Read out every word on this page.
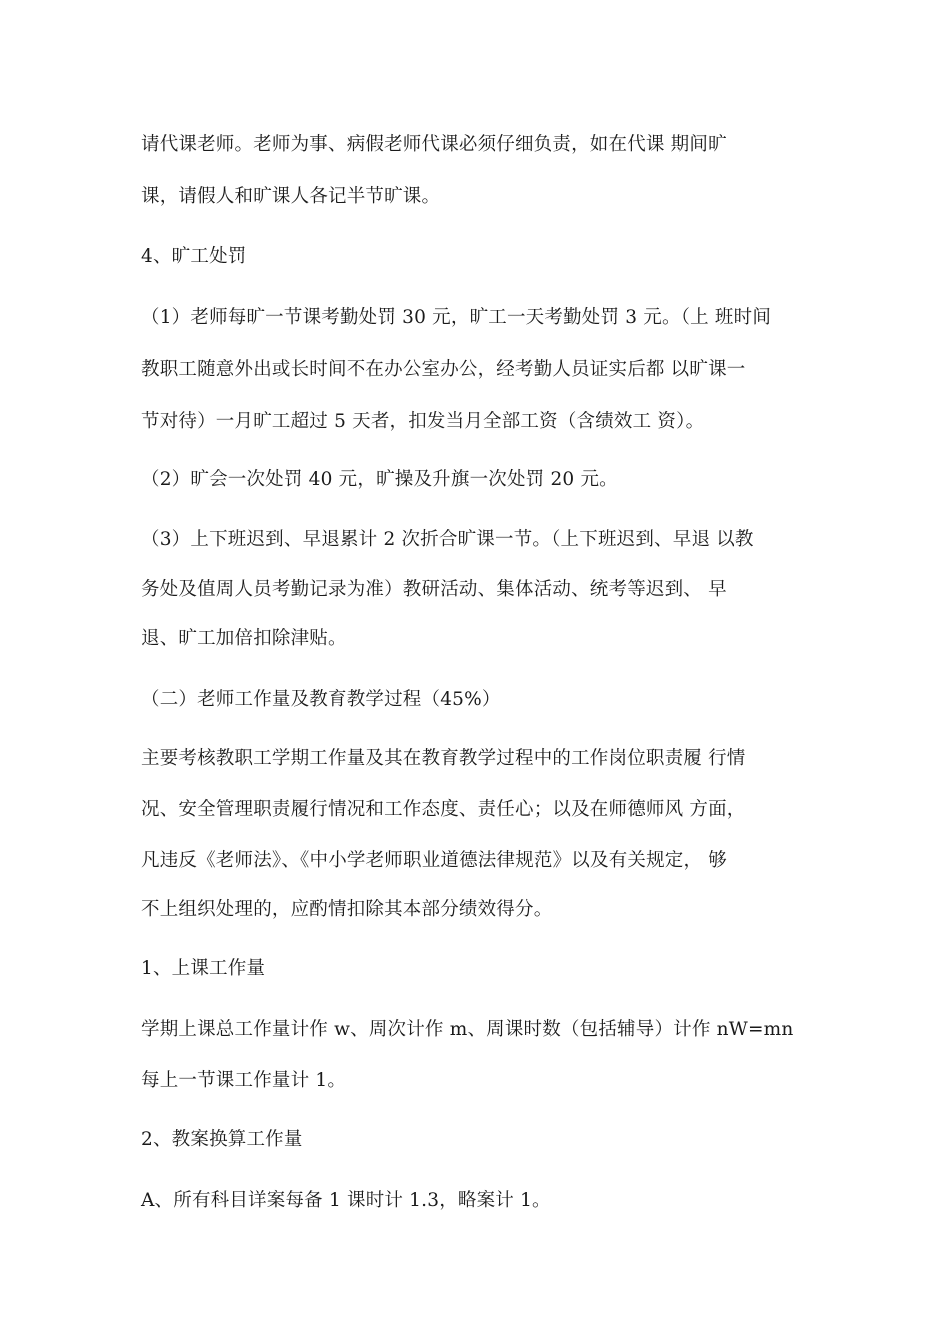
请代课老师。老师为事、病假老师代课必须仔细负责，如在代课 期间旷
课，请假人和旷课人各记半节旷课。
4、旷工处罚
（1）老师每旷一节课考勤处罚 30 元，旷工一天考勤处罚 3 元。（上 班时间
教职工随意外出或长时间不在办公室办公，经考勤人员证实后都 以旷课一
节对待）一月旷工超过 5 天者，扣发当月全部工资（含绩效工 资）。
（2）旷会一次处罚 40 元，旷操及升旗一次处罚 20 元。
（3）上下班迟到、早退累计 2 次折合旷课一节。（上下班迟到、早退 以教
务处及值周人员考勤记录为准）教研活动、集体活动、统考等迟到、 早
退、旷工加倍扣除津贴。
（二）老师工作量及教育教学过程（45%）
主要考核教职工学期工作量及其在教育教学过程中的工作岗位职责履 行情
况、安全管理职责履行情况和工作态度、责任心；以及在师德师风 方面，
凡违反《老师法》、《中小学老师职业道德法律规范》以及有关规定， 够
不上组织处理的，应酌情扣除其本部分绩效得分。
1、上课工作量
学期上课总工作量计作 w、周次计作 m、周课时数（包括辅导）计作 nW=mn
每上一节课工作量计 1。
2、教案换算工作量
A、所有科目详案每备 1 课时计 1.3，略案计 1。
